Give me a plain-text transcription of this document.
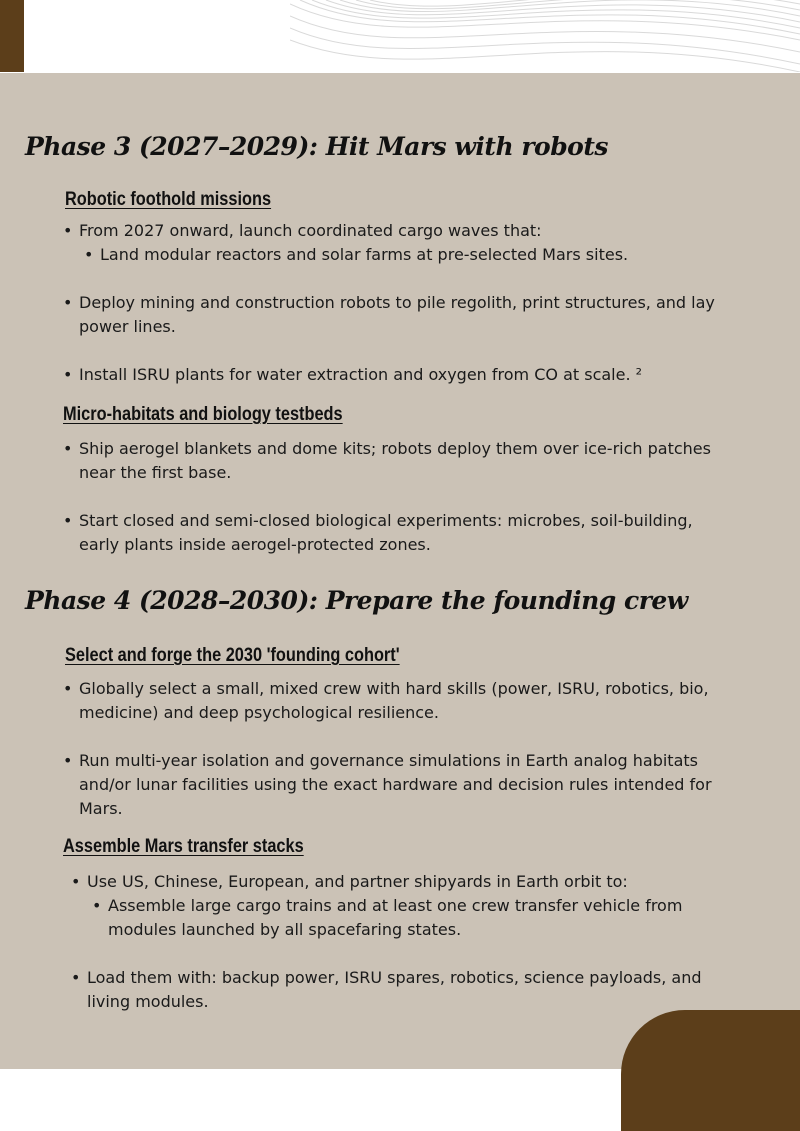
Phase 3 (2027–2029): Hit Mars with robots
Robotic foothold missions
• From 2027 onward, launch coordinated cargo waves that:
• Land modular reactors and solar farms at pre-selected Mars sites.
• Deploy mining and construction robots to pile regolith, print structures, and lay power lines.
• Install ISRU plants for water extraction and oxygen from CO at scale. ²
Micro-habitats and biology testbeds
• Ship aerogel blankets and dome kits; robots deploy them over ice-rich patches near the first base.
• Start closed and semi-closed biological experiments: microbes, soil-building, early plants inside aerogel-protected zones.
Phase 4 (2028–2030): Prepare the founding crew
Select and forge the 2030 'founding cohort'
• Globally select a small, mixed crew with hard skills (power, ISRU, robotics, bio, medicine) and deep psychological resilience.
• Run multi-year isolation and governance simulations in Earth analog habitats and/or lunar facilities using the exact hardware and decision rules intended for Mars.
Assemble Mars transfer stacks
• Use US, Chinese, European, and partner shipyards in Earth orbit to:
• Assemble large cargo trains and at least one crew transfer vehicle from modules launched by all spacefaring states.
• Load them with: backup power, ISRU spares, robotics, science payloads, and living modules.
